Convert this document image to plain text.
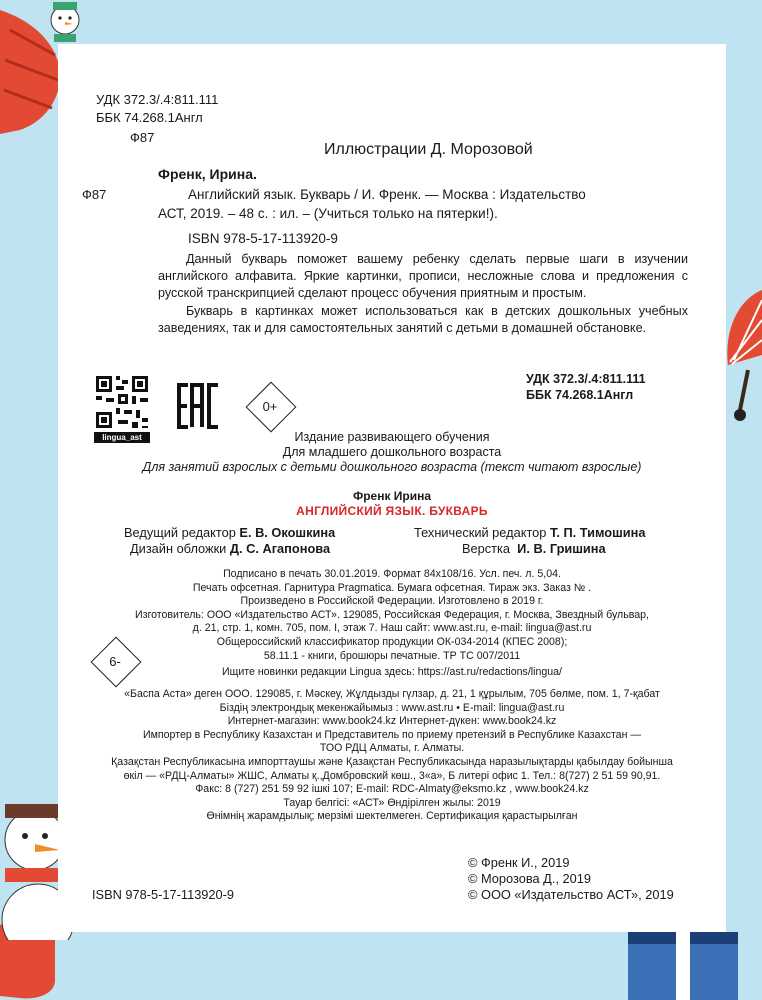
УДК 372.3/.4:811.111
ББК 74.268.1Англ
Ф87
Иллюстрации Д. Морозовой
Френк, Ирина.
Ф87	Английский язык. Букварь / И. Френк. — Москва : Издательство
АСТ, 2019. – 48 с. : ил. – (Учиться только на пятерки!).
ISBN 978-5-17-113920-9

Данный букварь поможет вашему ребенку сделать первые шаги в изучении английского алфавита. Яркие картинки, прописи, несложные слова и предложения с русской транскрипцией сделают процесс обучения приятным и простым.

Букварь в картинках может использоваться как в детских дошкольных учебных заведениях, так и для самостоятельных занятий с детьми в домашней обстановке.

lingua_ast
0+
УДК 372.3/.4:811.111
ББК 74.268.1Англ
Издание развивающего обучения
Для младшего дошкольного возраста
Для занятий взрослых с детьми дошкольного возраста (текст читают взрослые)
Френк Ирина
АНГЛИЙСКИЙ ЯЗЫК. БУКВАРЬ
Ведущий редактор Е. В. Окошкина	Технический редактор Т. П. Тимошина
Дизайн обложки Д. С. Агапонова	Верстка И. В. Гришина
Подписано в печать 30.01.2019. Формат 84x108/16. Усл. печ. л. 5,04.
Печать офсетная. Гарнитура Pragmatica. Бумага офсетная. Тираж экз. Заказ № .
Произведено в Российской Федерации. Изготовлено в 2019 г.
Изготовитель: ООО «Издательство АСТ». 129085, Российская Федерация, г. Москва, Звездный бульвар,
д. 21, стр. 1, комн. 705, пом. I, этаж 7. Наш сайт: www.ast.ru, e-mail: lingua@ast.ru
Общероссийский классификатор продукции ОК-034-2014 (КПЕС 2008);
58.11.1 - книги, брошюры печатные. ТР ТС 007/2011
6-
Ищите новинки редакции Lingua здесь: https://ast.ru/redactions/lingua/
«Баспа Аста» деген ООО. 129085, г. Мәскеу, Жұлдызды гүлзар, д. 21, 1 құрылым, 705 бөлме, пом. 1, 7-қабат
Біздің электрондық мекенжайымыз : www.ast.ru • E-mail: lingua@ast.ru
Интернет-магазин: www.book24.kz Интернет-дүкен: www.book24.kz
Импортер в Республику Казахстан и Представитель по приему претензий в Республике Казахстан —
ТОО РДЦ Алматы, г. Алматы.
Қазақстан Республикасына импорттаушы және Қазақстан Республикасында наразылықтарды қабылдау бойынша
өкіл — «РДЦ-Алматы» ЖШС, Алматы қ.,Домбровский көш., 3«а», Б литері офис 1. Тел.: 8(727) 2 51 59 90,91.
Факс: 8 (727) 251 59 92 ішкі 107; E-mail: RDC-Almaty@eksmo.kz , www.book24.kz
Тауар белгісі: «АСТ» Өндірілген жылы: 2019
Өнімнің жарамдылық; мерзімі шектелмеген. Сертификация қарастырылған
© Френк И., 2019
© Морозова Д., 2019
© ООО «Издательство АСТ», 2019
ISBN 978-5-17-113920-9
